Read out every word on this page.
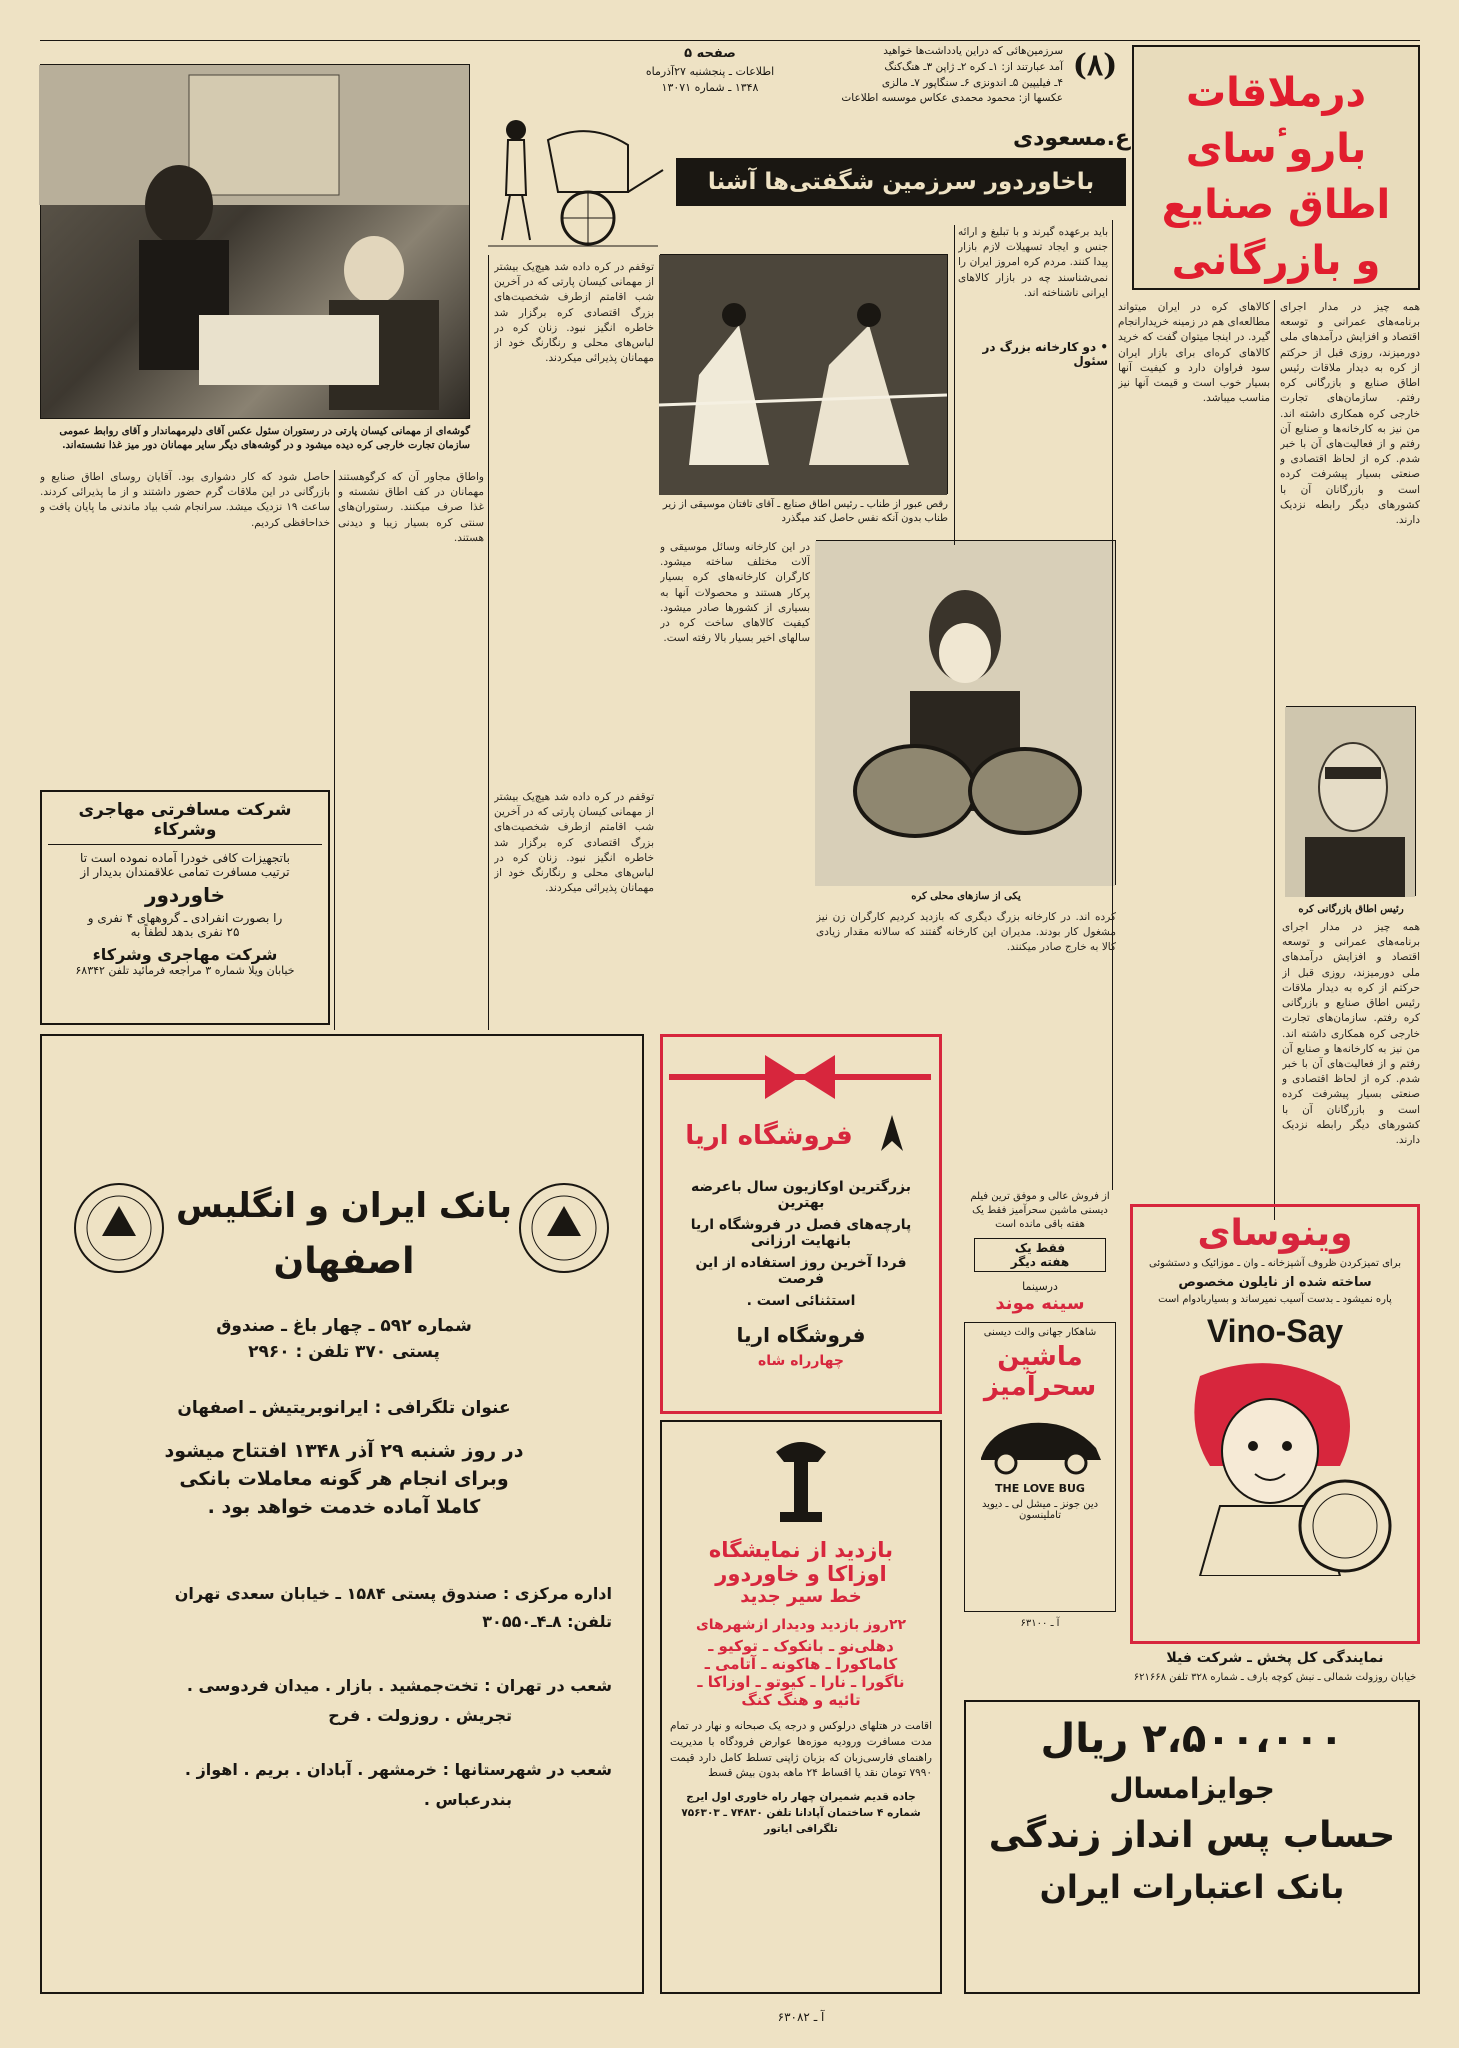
درملاقات باروٴسای اطاق صنایع و بازرگانی
(۸)
سرزمین‌هائی که دراین یادداشت‌ها خواهید
آمد عبارتند از: ۱ـ کره ۲ـ ژاپن ۳ـ هنگ‌کنگ
۴ـ فیلیپین ۵ـ اندونزی ۶ـ سنگاپور ۷ـ مالزی
عکسها از: محمود محمدی عکاس موسسه اطلاعات
صفحه ۵
اطلاعات ـ پنجشنبه ۲۷آذرماه
۱۳۴۸ ـ شماره ۱۳۰۷۱
ع.مسعودی
باخاوردور سرزمین شگفتی‌ها آشنا شوید
گوشه‌ای از مهمانی کیسان پارتی در رستوران سئول عکس آقای دلیرمهماندار و آقای روابط عمومی سازمان تجارت خارجی کره دیده میشود و در گوشه‌های دیگر سایر مهمانان دور میز غذا نشسته‌اند.
رقص عبور از طناب ـ رئیس اطاق صنایع ـ آقای تافتان موسیقی از زیر طناب بدون آنکه نفس حاصل کند میگذرد
یکی از سازهای محلی کره
رئیس اطاق بازرگانی کره
همه چیز در مدار اجرای برنامه‌های عمرانی و توسعه اقتصاد و افزایش درآمدهای ملی دورمیزند، روزی قبل از حرکتم از کره به دیدار ملاقات رئیس اطاق صنایع و بازرگانی کره رفتم. سازمان‌های تجارت خارجی کره همکاری داشته اند. من نیز به کارخانه‌ها و صنایع آن رفتم و از فعالیت‌های آن با خبر شدم. کره از لحاظ اقتصادی و صنعتی بسیار پیشرفت کرده است و بازرگانان آن با کشورهای دیگر رابطه نزدیک دارند.
کالاهای کره در ایران میتواند مطالعه‌ای هم در زمینه خریدارانجام گیرد. در اینجا میتوان گفت که خرید کالاهای کره‌ای برای بازار ایران سود فراوان دارد و کیفیت آنها بسیار خوب است و قیمت آنها نیز مناسب میباشد.
همه چیز در مدار اجرای برنامه‌های عمرانی و توسعه اقتصاد و افزایش درآمدهای ملی دورمیزند، روزی قبل از حرکتم از کره به دیدار ملاقات رئیس اطاق صنایع و بازرگانی کره رفتم. سازمان‌های تجارت خارجی کره همکاری داشته اند. من نیز به کارخانه‌ها و صنایع آن رفتم و از فعالیت‌های آن با خبر شدم. کره از لحاظ اقتصادی و صنعتی بسیار پیشرفت کرده است و بازرگانان آن با کشورهای دیگر رابطه نزدیک دارند.
باید برعهده گیرند و با تبلیغ و ارائه جنس و ایجاد تسهیلات لازم بازار پیدا کنند. مردم کره امروز ایران را نمی‌شناسند چه در بازار کالاهای ایرانی ناشناخته اند.
• دو کارخانه بزرگ در سئول
توقفم در کره داده شد هیچ‌یک بیشتر از مهمانی کیسان پارتی که در آخرین شب اقامتم ازطرف شخصیت‌های بزرگ اقتصادی کره برگزار شد خاطره انگیز نبود. زنان کره در لباس‌های محلی و رنگارنگ خود از مهمانان پذیرائی میکردند.
در این کارخانه وسائل موسیقی و آلات مختلف ساخته میشود. کارگران کارخانه‌های کره بسیار پرکار هستند و محصولات آنها به بسیاری از کشورها صادر میشود. کیفیت کالاهای ساخت کره در سالهای اخیر بسیار بالا رفته است.
کرده اند. در کارخانه بزرگ دیگری که بازدید کردیم کارگران زن نیز مشغول کار بودند. مدیران این کارخانه گفتند که سالانه مقدار زیادی کالا به خارج صادر میکنند.
واطاق مجاور آن که کرگوهستند مهمانان در کف اطاق نشسته و غذا صرف میکنند. رستوران‌های سنتی کره بسیار زیبا و دیدنی هستند.
حاصل شود که کار دشواری بود. آقایان روسای اطاق صنایع و بازرگانی در این ملاقات گرم حضور داشتند و از ما پذیرائی کردند. ساعت ۱۹ نزدیک میشد. سرانجام شب بیاد ماندنی ما پایان یافت و خداحافظی کردیم.
توقفم در کره داده شد هیچ‌یک بیشتر از مهمانی کیسان پارتی که در آخرین شب اقامتم ازطرف شخصیت‌های بزرگ اقتصادی کره برگزار شد خاطره انگیز نبود. زنان کره در لباس‌های محلی و رنگارنگ خود از مهمانان پذیرائی میکردند.
شرکت مسافرتی مهاجری وشرکاء
باتجهیزات کافی خودرا آماده نموده است تا
ترتیب مسافرت تمامی علاقمندان بدیدار از
خاوردور
را بصورت انفرادی ـ گروههای ۴ نفری و
۲۵ نفری بدهد لطفاً به
شرکت مهاجری وشرکاء
خیابان ویلا شماره ۳ مراجعه فرمائید تلفن ۶۸۳۴۲
بانک ایران و انگلیس
اصفهان
شماره ۵۹۲ ـ چهار باغ ـ صندوق
پستی ۳۷۰ تلفن : ۲۹۶۰
عنوان تلگرافی : ایرانوبریتیش ـ اصفهان
در روز شنبه ۲۹ آذر ۱۳۴۸ افتتاح میشود
وبرای انجام هر گونه معاملات بانکی
کاملا آماده خدمت خواهد بود .
اداره مرکزی : صندوق پستی ۱۵۸۴ ـ خیابان سعدی تهران
تلفن: ۸ـ۴ـ۳۰۵۵۰
شعب در تهران : تخت‌جمشید . بازار . میدان فردوسی .
تجریش . روزولت . فرح
شعب در شهرستانها : خرمشهر . آبادان . بریم . اهواز .
بندرعباس .
فروشگاه اریا
بزرگترین اوکازیون سال باعرضه بهترین
پارچه‌های فصل در فروشگاه اریا بانهایت ارزانی
فردا آخرین روز استفاده از این فرصت
استثنائی است .
فروشگاه اریا
چهارراه شاه
بازدید از نمایشگاه
اوزاکا و خاوردور
خط سیر جدید
۲۲روز بازدید ودیدار ازشهرهای
دهلی‌نو ـ بانکوک ـ توکیو ـ
کاماکورا ـ هاکونه ـ آتامی ـ
ناگورا ـ نارا ـ کیوتو ـ اوزاکا ـ
تائیه و هنگ کنگ
اقامت در هتلهای درلوکس و درجه یک صبحانه و نهار در تمام مدت مسافرت ورودیه موزه‌ها عوارض فرودگاه با مدیریت راهنمای فارسی‌زبان که بزبان ژاپنی تسلط کامل دارد قیمت ۷۹۹۰ تومان نقد یا اقساط ۲۴ ماهه بدون بیش قسط
جاده قدیم شمیران چهار راه خاوری اول ایرج شماره ۴ ساختمان آپادانا تلفن ۷۴۸۳۰ ـ ۷۵۶۳۰۳ تلگرافی ایاتور
از فروش عالی و موفق ترین فیلم دیسنی ماشین سحرآمیز فقط یک هفته باقی مانده است
فقط یک
هفته دیگر
درسینما
سینه موند
شاهکار جهانی والت دیسنی
ماشین
سحرآمیز
THE LOVE BUG
دین جونز ـ میشل لی ـ دیوید تاملینسون
آ ـ ۶۳۱۰۰
وینوسای
برای تمیزکردن ظروف آشپزخانه ـ وان ـ موزائیک و دستشوئی
ساخته شده از نایلون مخصوص
پاره نمیشود ـ بدست آسیب نمیرساند و بسیاربادوام است
Vino-Say
نمایندگی کل پخش ـ شرکت فیلا
خیابان روزولت شمالی ـ نبش کوچه بارف ـ شماره ۳۲۸ تلفن ۶۲۱۶۶۸
۲،۵۰۰،۰۰۰ ریال
جوایزامسال
حساب پس انداز زندگی
بانک اعتبارات ایران
آ ـ ۶۳۰۸۲
